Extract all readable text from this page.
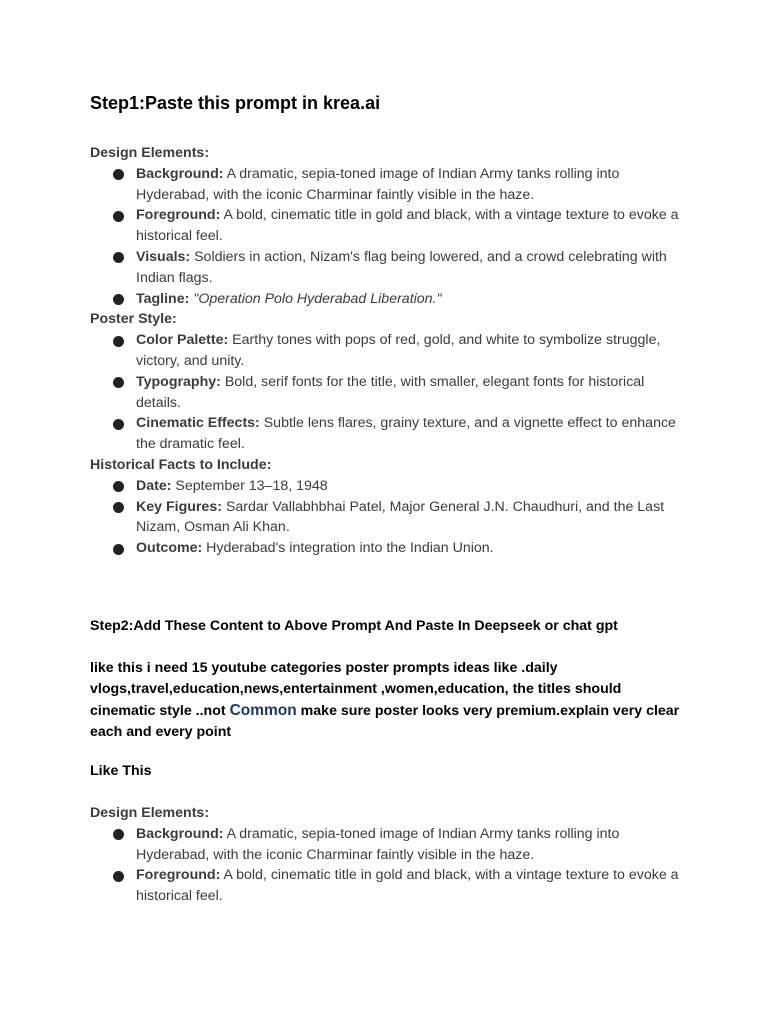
Step1:Paste this prompt in krea.ai
Design Elements:
Background: A dramatic, sepia-toned image of Indian Army tanks rolling into Hyderabad, with the iconic Charminar faintly visible in the haze.
Foreground: A bold, cinematic title in gold and black, with a vintage texture to evoke a historical feel.
Visuals: Soldiers in action, Nizam's flag being lowered, and a crowd celebrating with Indian flags.
Tagline: "Operation Polo Hyderabad Liberation."
Poster Style:
Color Palette: Earthy tones with pops of red, gold, and white to symbolize struggle, victory, and unity.
Typography: Bold, serif fonts for the title, with smaller, elegant fonts for historical details.
Cinematic Effects: Subtle lens flares, grainy texture, and a vignette effect to enhance the dramatic feel.
Historical Facts to Include:
Date: September 13–18, 1948
Key Figures: Sardar Vallabhbhai Patel, Major General J.N. Chaudhuri, and the Last Nizam, Osman Ali Khan.
Outcome: Hyderabad's integration into the Indian Union.
Step2:Add These Content to Above Prompt And Paste In Deepseek or chat gpt
like this i need 15 youtube categories poster prompts ideas like .daily vlogs,travel,education,news,entertainment ,women,education, the titles should cinematic style ..not Common make sure poster looks very premium.explain very clear each and every point
Like This
Design Elements:
Background: A dramatic, sepia-toned image of Indian Army tanks rolling into Hyderabad, with the iconic Charminar faintly visible in the haze.
Foreground: A bold, cinematic title in gold and black, with a vintage texture to evoke a historical feel.
